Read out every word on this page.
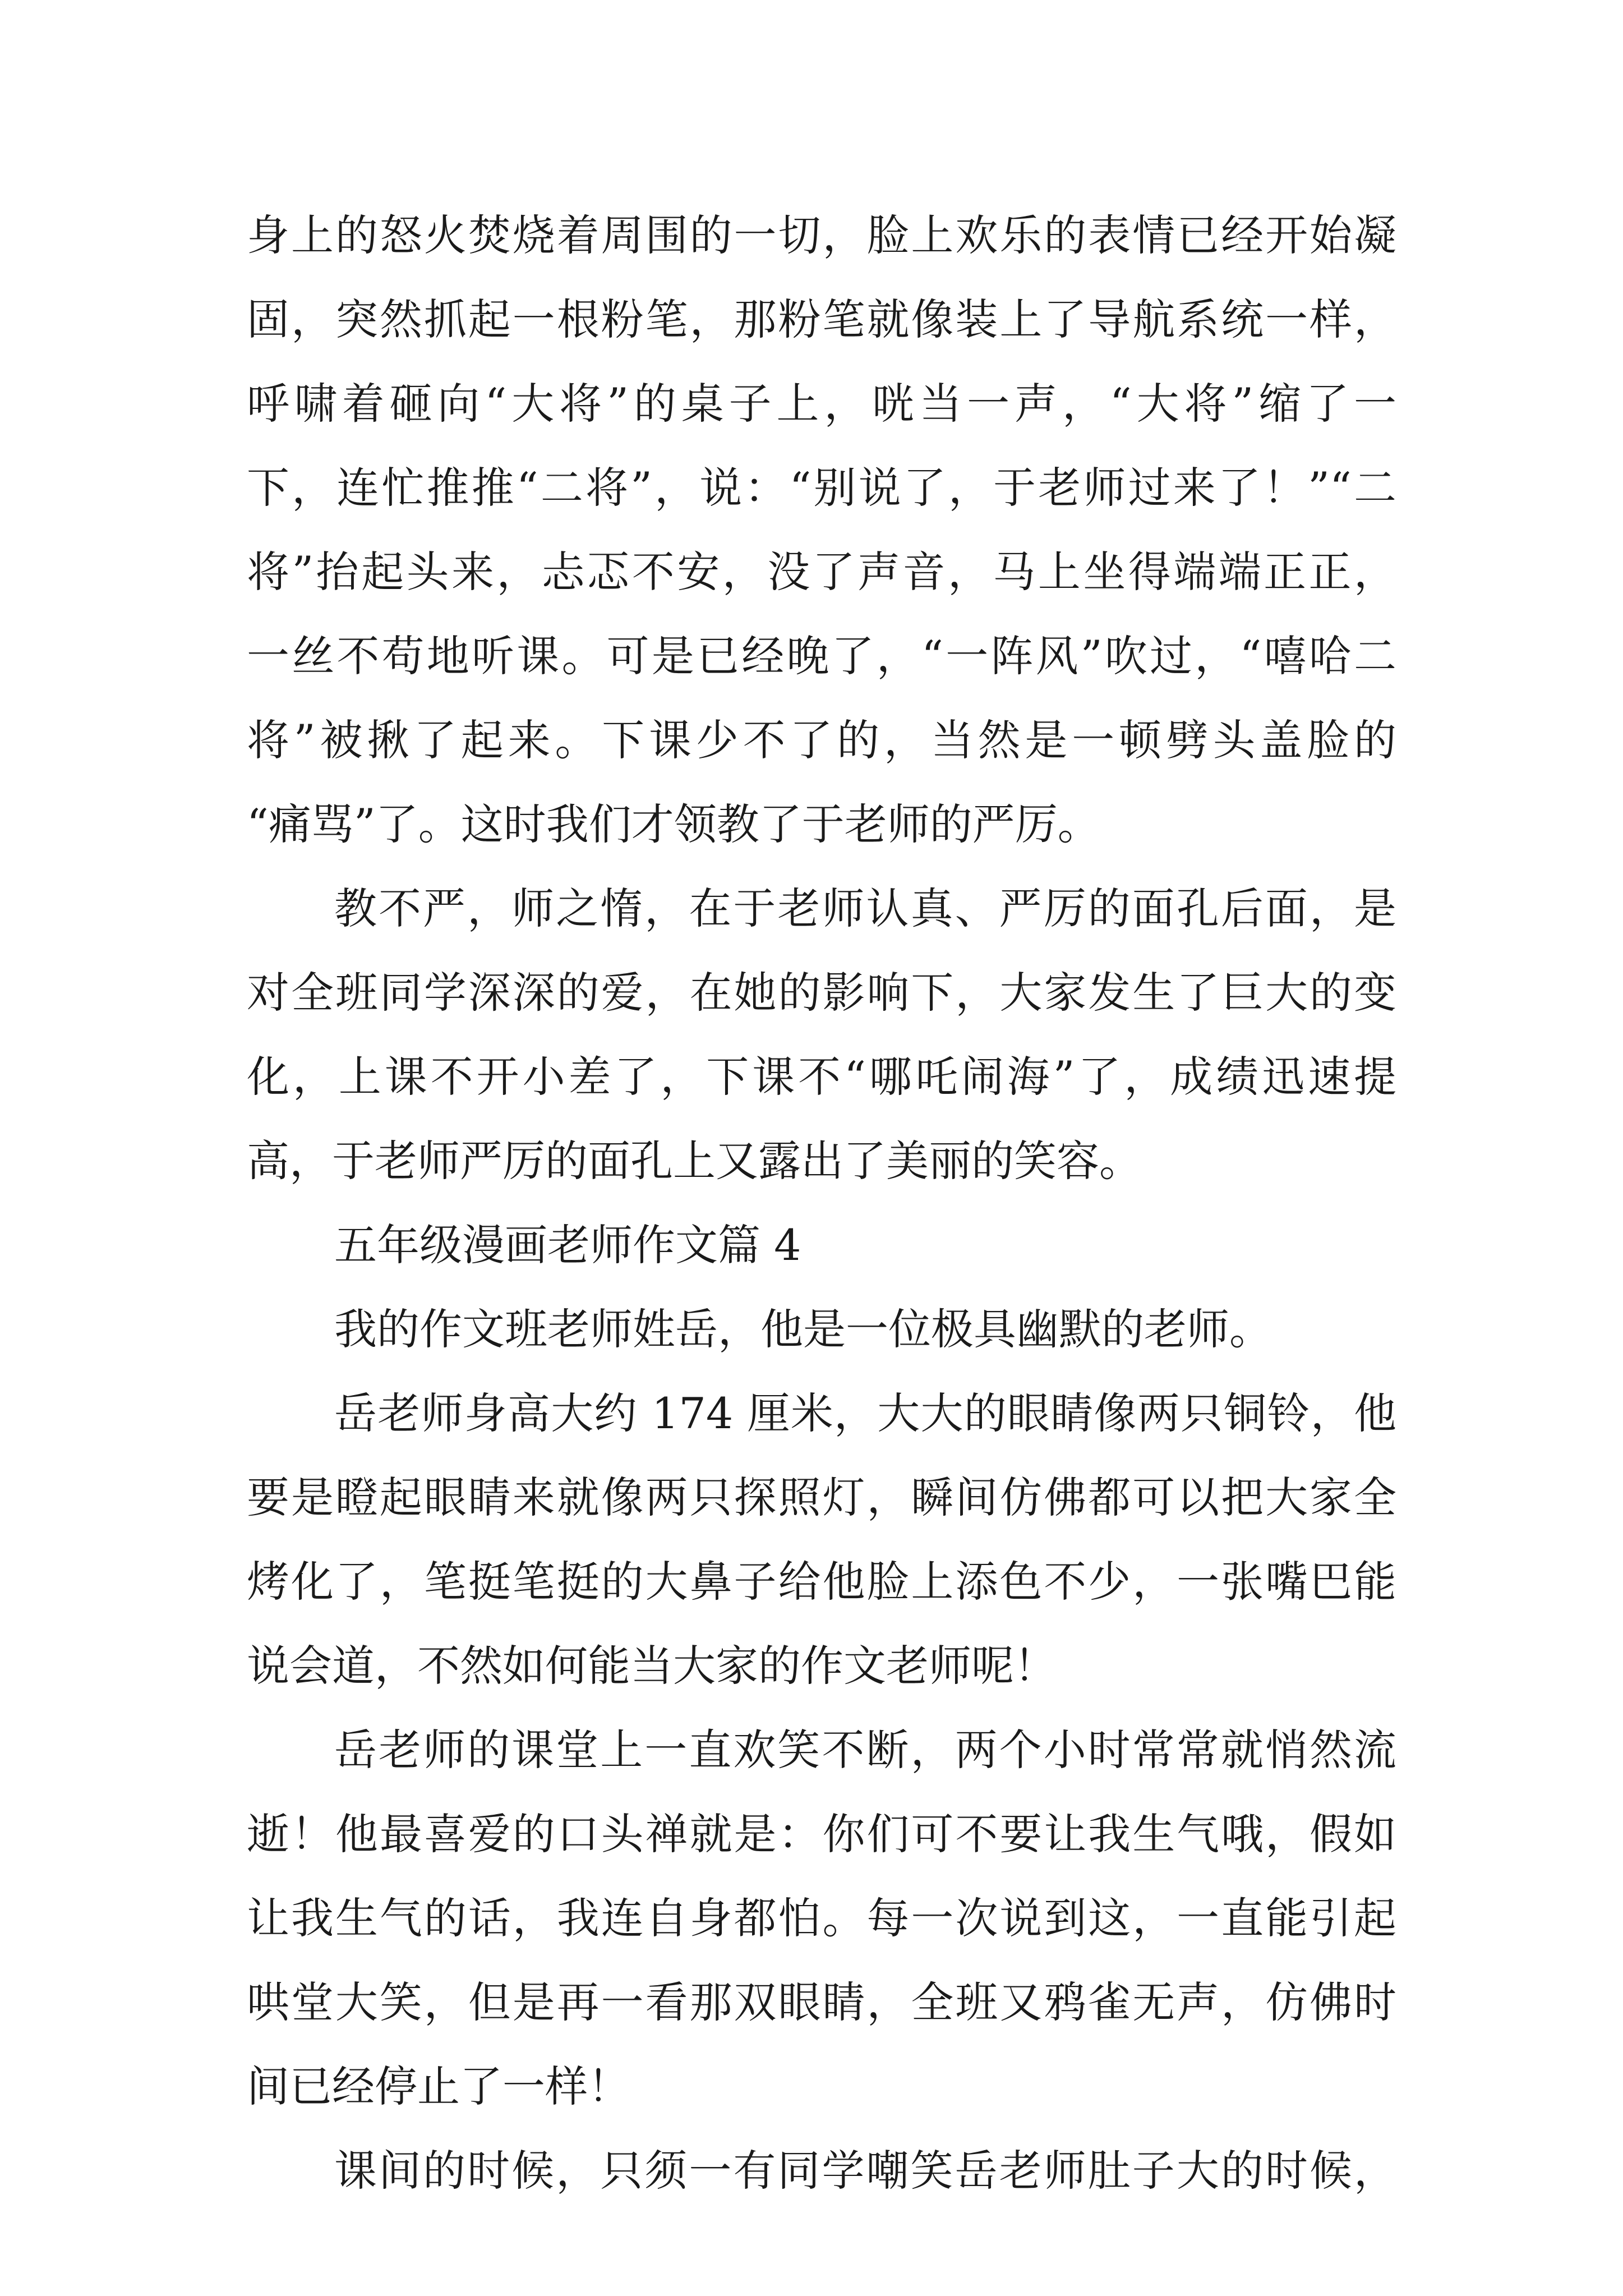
身上的怒火焚烧着周围的一切，脸上欢乐的表情已经开始凝
固，突然抓起一根粉笔，那粉笔就像装上了导航系统一样，
呼啸着砸向“大将”的桌子上，咣当一声，“大将”缩了一
下，连忙推推“二将”，说：“别说了，于老师过来了！”“二
将”抬起头来，忐忑不安，没了声音，马上坐得端端正正，
一丝不苟地听课。可是已经晚了，“一阵风”吹过，“嘻哈二
将”被揪了起来。下课少不了的，当然是一顿劈头盖脸的
“痛骂”了。这时我们才领教了于老师的严厉。
教不严，师之惰，在于老师认真、严厉的面孔后面，是
对全班同学深深的爱，在她的影响下，大家发生了巨大的变
化，上课不开小差了，下课不“哪吒闹海”了，成绩迅速提
高，于老师严厉的面孔上又露出了美丽的笑容。
五年级漫画老师作文篇 4
我的作文班老师姓岳，他是一位极具幽默的老师。
岳老师身高大约 174 厘米，大大的眼睛像两只铜铃，他
要是瞪起眼睛来就像两只探照灯，瞬间仿佛都可以把大家全
烤化了，笔挺笔挺的大鼻子给他脸上添色不少，一张嘴巴能
说会道，不然如何能当大家的作文老师呢！
岳老师的课堂上一直欢笑不断，两个小时常常就悄然流
逝！他最喜爱的口头禅就是：你们可不要让我生气哦，假如
让我生气的话，我连自身都怕。每一次说到这，一直能引起
哄堂大笑，但是再一看那双眼睛，全班又鸦雀无声，仿佛时
间已经停止了一样！
课间的时候，只须一有同学嘲笑岳老师肚子大的时候，
